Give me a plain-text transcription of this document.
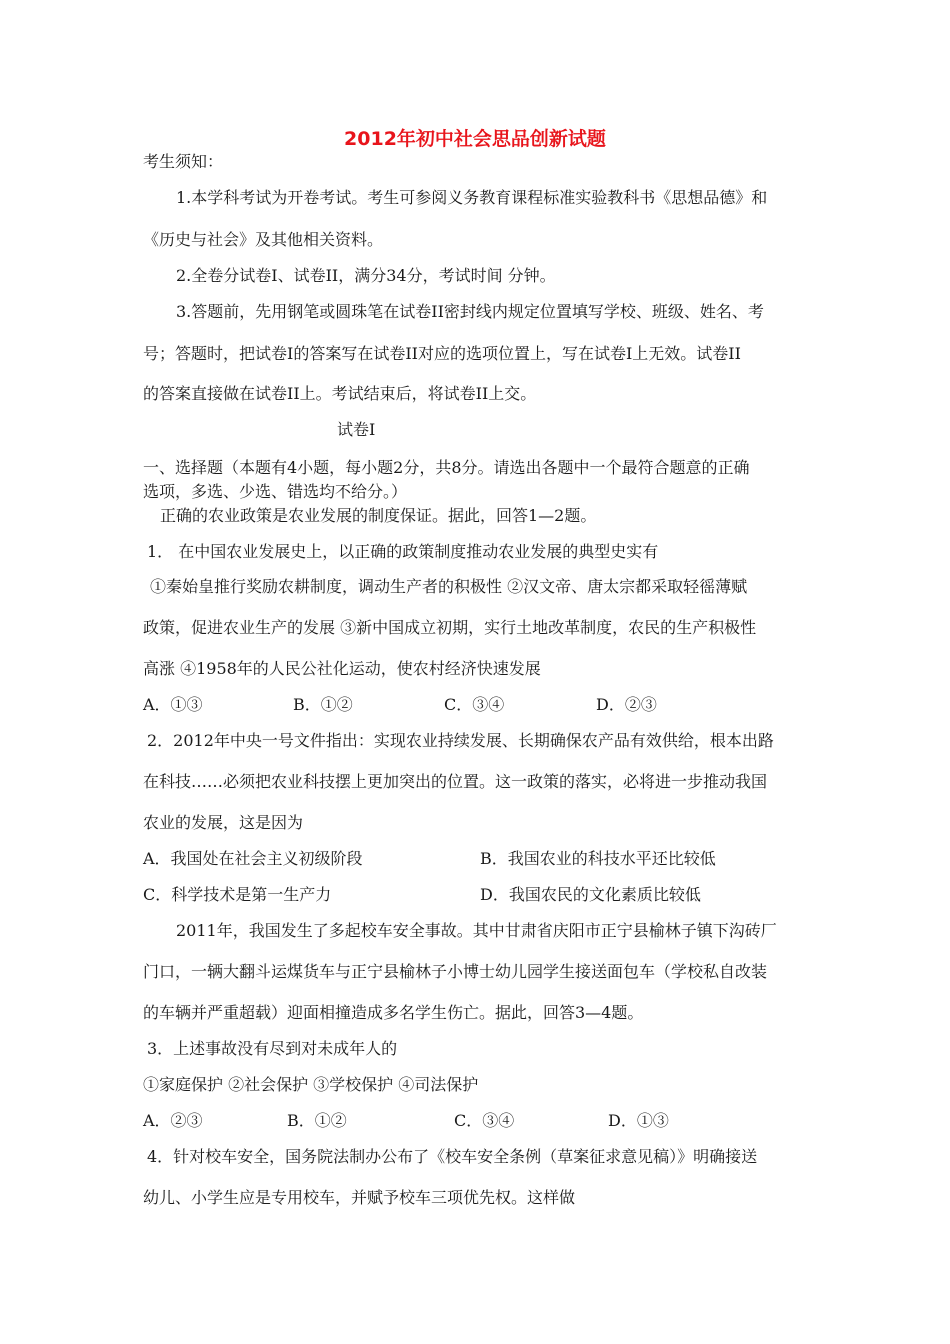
2012年初中社会思品创新试题
考生须知：
1.本学科考试为开卷考试。考生可参阅义务教育课程标准实验教科书《思想品德》和
《历史与社会》及其他相关资料。
2.全卷分试卷I、试卷II，满分34分，考试时间 分钟。
3.答题前，先用钢笔或圆珠笔在试卷II密封线内规定位置填写学校、班级、姓名、考
号；答题时，把试卷I的答案写在试卷II对应的选项位置上，写在试卷I上无效。试卷II
的答案直接做在试卷II上。考试结束后，将试卷II上交。
试卷I
一、选择题（本题有4小题，每小题2分，共8分。请选出各题中一个最符合题意的正确
选项，多选、少选、错选均不给分。）
正确的农业政策是农业发展的制度保证。据此，回答1—2题。
1． 在中国农业发展史上，以正确的政策制度推动农业发展的典型史实有
①秦始皇推行奖励农耕制度，调动生产者的积极性 ②汉文帝、唐太宗都采取轻徭薄赋
政策，促进农业生产的发展 ③新中国成立初期，实行土地改革制度，农民的生产积极性
高涨 ④1958年的人民公社化运动，使农村经济快速发展
A．①③	B．①②	C．③④	D．②③
2．2012年中央一号文件指出：实现农业持续发展、长期确保农产品有效供给，根本出路
在科技……必须把农业科技摆上更加突出的位置。这一政策的落实，必将进一步推动我国
农业的发展，这是因为
A．我国处在社会主义初级阶段	B．我国农业的科技水平还比较低
C．科学技术是第一生产力	D．我国农民的文化素质比较低
2011年，我国发生了多起校车安全事故。其中甘肃省庆阳市正宁县榆林子镇下沟砖厂
门口，一辆大翻斗运煤货车与正宁县榆林子小博士幼儿园学生接送面包车（学校私自改装
的车辆并严重超载）迎面相撞造成多名学生伤亡。据此，回答3—4题。
3．上述事故没有尽到对未成年人的
①家庭保护 ②社会保护 ③学校保护 ④司法保护
A．②③	B．①②	C．③④	D．①③
4．针对校车安全，国务院法制办公布了《校车安全条例（草案征求意见稿）》明确接送
幼儿、小学生应是专用校车，并赋予校车三项优先权。这样做
